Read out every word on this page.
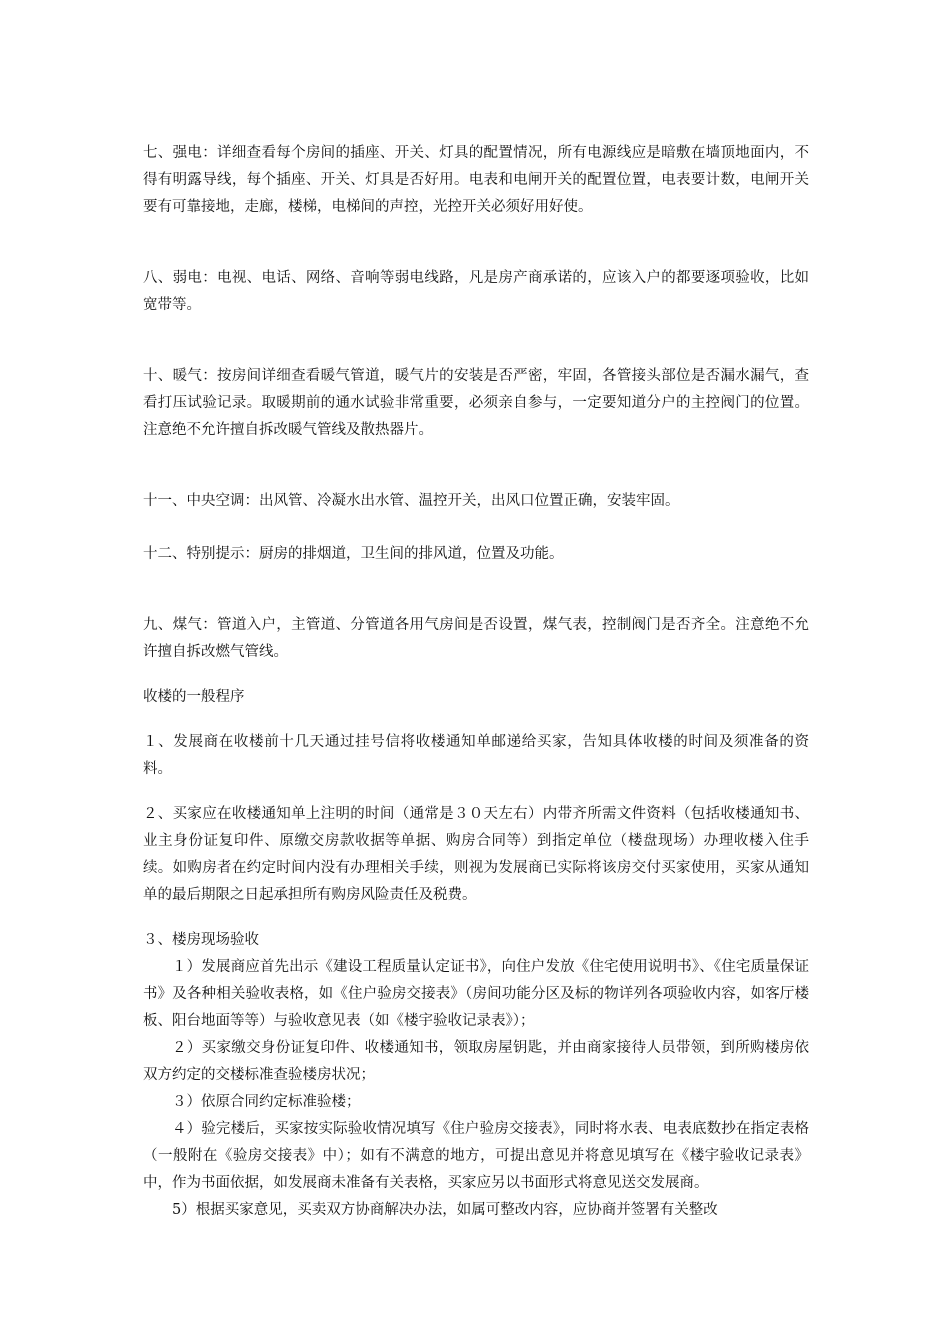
七、强电：详细查看每个房间的插座、开关、灯具的配置情况，所有电源线应是暗敷在墙顶地面内，不得有明露导线，每个插座、开关、灯具是否好用。电表和电闸开关的配置位置，电表要计数，电闸开关要有可靠接地，走廊，楼梯，电梯间的声控，光控开关必须好用好使。

八、弱电：电视、电话、网络、音响等弱电线路，凡是房产商承诺的，应该入户的都要逐项验收，比如宽带等。

十、暖气：按房间详细查看暖气管道，暖气片的安装是否严密，牢固，各管接头部位是否漏水漏气，查看打压试验记录。取暖期前的通水试验非常重要，必须亲自参与，一定要知道分户的主控阀门的位置。注意绝不允许擅自拆改暖气管线及散热器片。

十一、中央空调：出风管、冷凝水出水管、温控开关，出风口位置正确，安装牢固。

十二、特别提示：厨房的排烟道，卫生间的排风道，位置及功能。

九、煤气：管道入户，主管道、分管道各用气房间是否设置，煤气表，控制阀门是否齐全。注意绝不允许擅自拆改燃气管线。

收楼的一般程序

１、发展商在收楼前十几天通过挂号信将收楼通知单邮递给买家，告知具体收楼的时间及须准备的资料。

２、买家应在收楼通知单上注明的时间（通常是３０天左右）内带齐所需文件资料（包括收楼通知书、业主身份证复印件、原缴交房款收据等单据、购房合同等）到指定单位（楼盘现场）办理收楼入住手续。如购房者在约定时间内没有办理相关手续，则视为发展商已实际将该房交付买家使用，买家从通知单的最后期限之日起承担所有购房风险责任及税费。

３、楼房现场验收

１）发展商应首先出示《建设工程质量认定证书》，向住户发放《住宅使用说明书》、《住宅质量保证书》及各种相关验收表格，如《住户验房交接表》（房间功能分区及标的物详列各项验收内容，如客厅楼板、阳台地面等等）与验收意见表（如《楼宇验收记录表》）；

２）买家缴交身份证复印件、收楼通知书，领取房屋钥匙，并由商家接待人员带领，到所购楼房依双方约定的交楼标准查验楼房状况；

３）依原合同约定标准验楼；

４）验完楼后，买家按实际验收情况填写《住户验房交接表》，同时将水表、电表底数抄在指定表格（一般附在《验房交接表》中）；如有不满意的地方，可提出意见并将意见填写在《楼宇验收记录表》中，作为书面依据，如发展商未准备有关表格，买家应另以书面形式将意见送交发展商。

5）根据买家意见，买卖双方协商解决办法，如属可整改内容，应协商并签署有关整改
